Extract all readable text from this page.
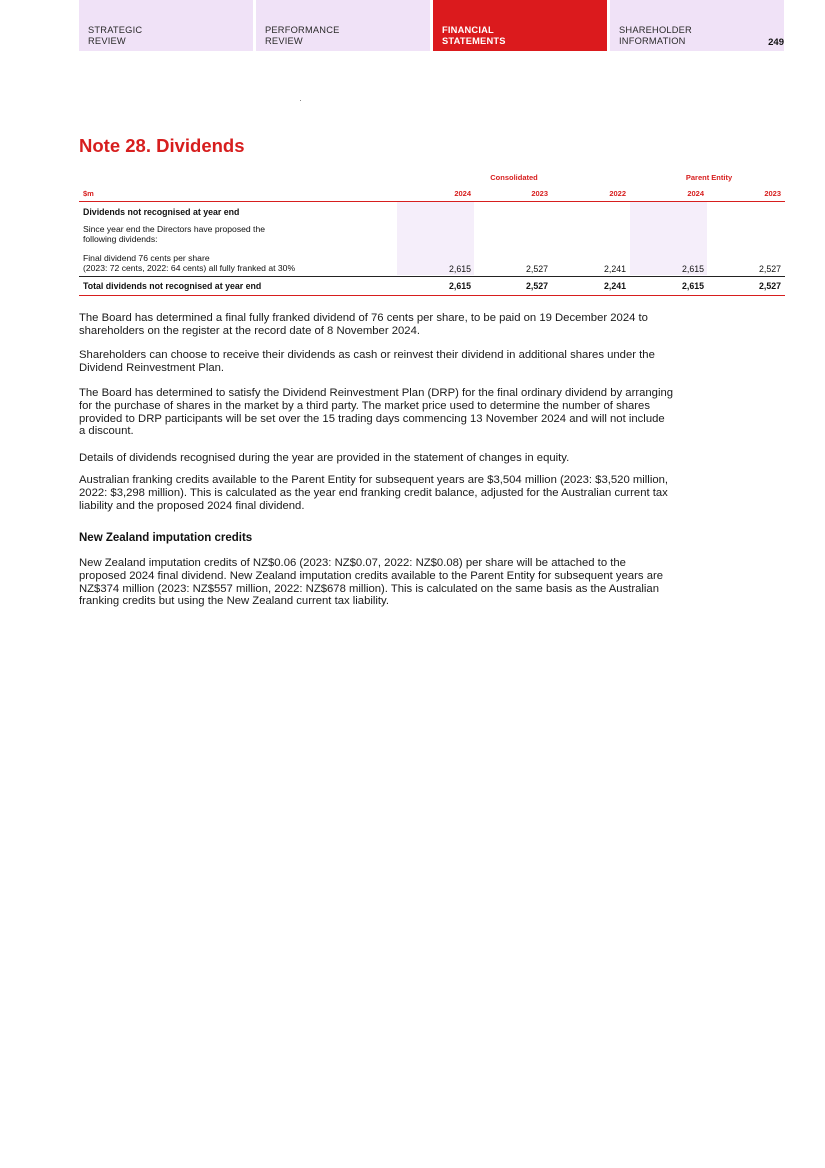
STRATEGIC
REVIEW
PERFORMANCE
REVIEW
FINANCIAL
STATEMENTS
SHAREHOLDER
INFORMATION	249
Note 28. Dividends
Consolidated	Parent Entity
$m	2024	2023	2022	2024	2023
Dividends not recognised at year end
Since year end the Directors have proposed the
following dividends:
Final dividend 76 cents per share
(2023: 72 cents, 2022: 64 cents) all fully franked at 30%	2,615	2,527	2,241	2,615	2,527
Total dividends not recognised at year end	2,615	2,527	2,241	2,615	2,527
The Board has determined a final fully franked dividend of 76 cents per share, to be paid on 19 December 2024 to
shareholders on the register at the record date of 8 November 2024.
Shareholders can choose to receive their dividends as cash or reinvest their dividend in additional shares under the
Dividend Reinvestment Plan.
The Board has determined to satisfy the Dividend Reinvestment Plan (DRP) for the final ordinary dividend by arranging
for the purchase of shares in the market by a third party. The market price used to determine the number of shares
provided to DRP participants will be set over the 15 trading days commencing 13 November 2024 and will not include
a discount.
Details of dividends recognised during the year are provided in the statement of changes in equity.
Australian franking credits available to the Parent Entity for subsequent years are $3,504 million (2023: $3,520 million,
2022: $3,298 million). This is calculated as the year end franking credit balance, adjusted for the Australian current tax
liability and the proposed 2024 final dividend.
New Zealand imputation credits
New Zealand imputation credits of NZ$0.06 (2023: NZ$0.07, 2022: NZ$0.08) per share will be attached to the
proposed 2024 final dividend. New Zealand imputation credits available to the Parent Entity for subsequent years are
NZ$374 million (2023: NZ$557 million, 2022: NZ$678 million). This is calculated on the same basis as the Australian
franking credits but using the New Zealand current tax liability.
